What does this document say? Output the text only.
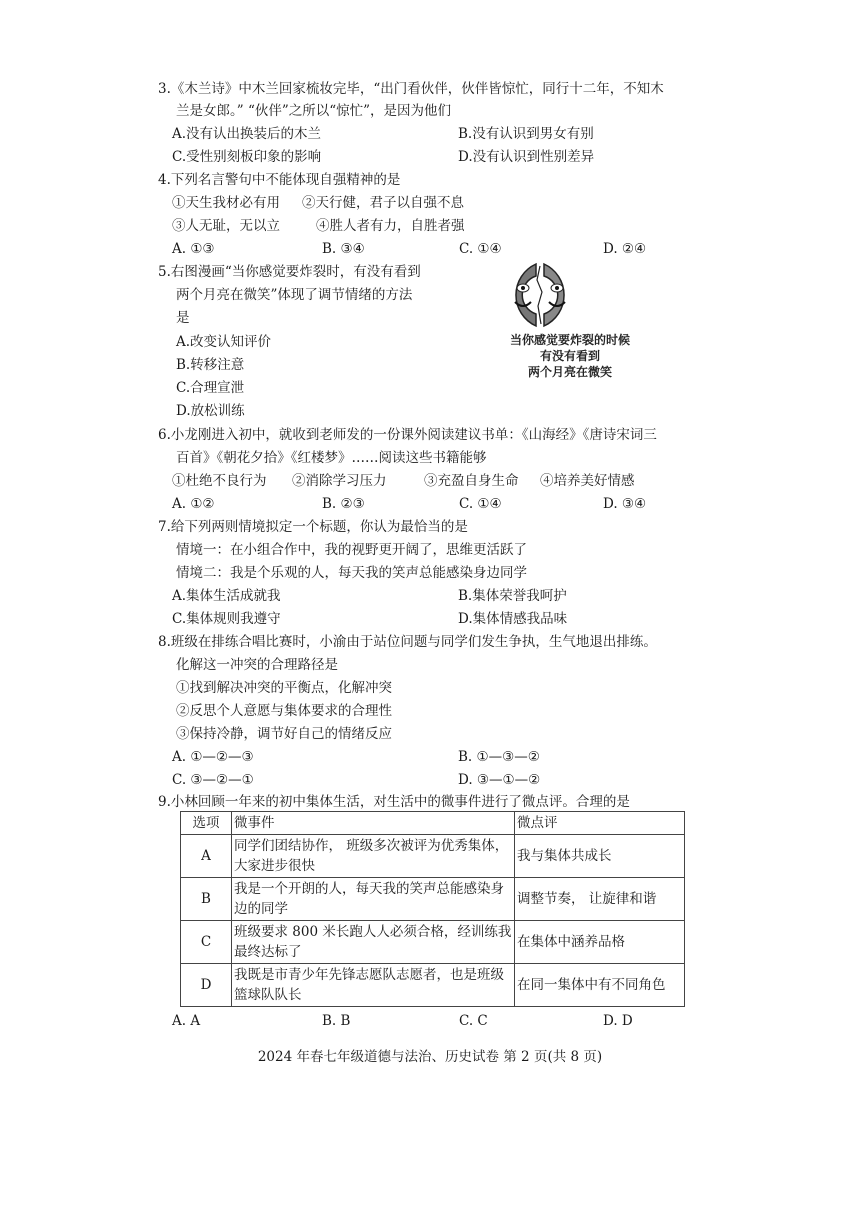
3.《木兰诗》中木兰回家梳妆完毕，“出门看伙伴，伙伴皆惊忙，同行十二年，不知木
兰是女郎。” “伙伴”之所以“惊忙”，是因为他们
A.没有认出换装后的木兰	B.没有认识到男女有别
C.受性别刻板印象的影响	D.没有认识到性别差异
4.下列名言警句中不能体现自强精神的是
①天生我材必有用 ②天行健，君子以自强不息
③人无耻，无以立	④胜人者有力，自胜者强
A. ①③	B. ③④	C. ①④	D. ②④
5.右图漫画“当你感觉要炸裂时，有没有看到
两个月亮在微笑”体现了调节情绪的方法
是
A.改变认知评价
B.转移注意
C.合理宣泄
D.放松训练
当你感觉要炸裂的时候
有没有看到
两个月亮在微笑
6.小龙刚进入初中，就收到老师发的一份课外阅读建议书单：《山海经》《唐诗宋词三
百首》《朝花夕拾》《红楼梦》……阅读这些书籍能够
①杜绝不良行为 ②消除学习压力	③充盈自身生命 ④培养美好情感
A. ①②	B. ②③	C. ①④	D. ③④
7.给下列两则情境拟定一个标题，你认为最恰当的是
情境一：在小组合作中，我的视野更开阔了，思维更活跃了
情境二：我是个乐观的人，每天我的笑声总能感染身边同学
A.集体生活成就我	B.集体荣誉我呵护
C.集体规则我遵守	D.集体情感我品味
8.班级在排练合唱比赛时，小渝由于站位问题与同学们发生争执，生气地退出排练。
化解这一冲突的合理路径是
①找到解决冲突的平衡点，化解冲突
②反思个人意愿与集体要求的合理性
③保持冷静，调节好自己的情绪反应
A. ①—②—③	B. ①—③—②
C. ③—②—①	D. ③—①—②
9.小林回顾一年来的初中集体生活，对生活中的微事件进行了微点评。合理的是
选项	微事件	微点评
A	同学们团结协作， 班级多次被评为优秀集体， 大家进步很快	我与集体共成长
B	我是一个开朗的人，每天我的笑声总能感染身边的同学	调整节奏， 让旋律和谐
C	班级要求 800 米长跑人人必须合格，经训练我最终达标了	在集体中涵养品格
D	我既是市青少年先锋志愿队志愿者，也是班级篮球队队长	在同一集体中有不同角色
A. A	B. B	C. C	D. D
2024 年春七年级道德与法治、历史试卷 第 2 页(共 8 页)
